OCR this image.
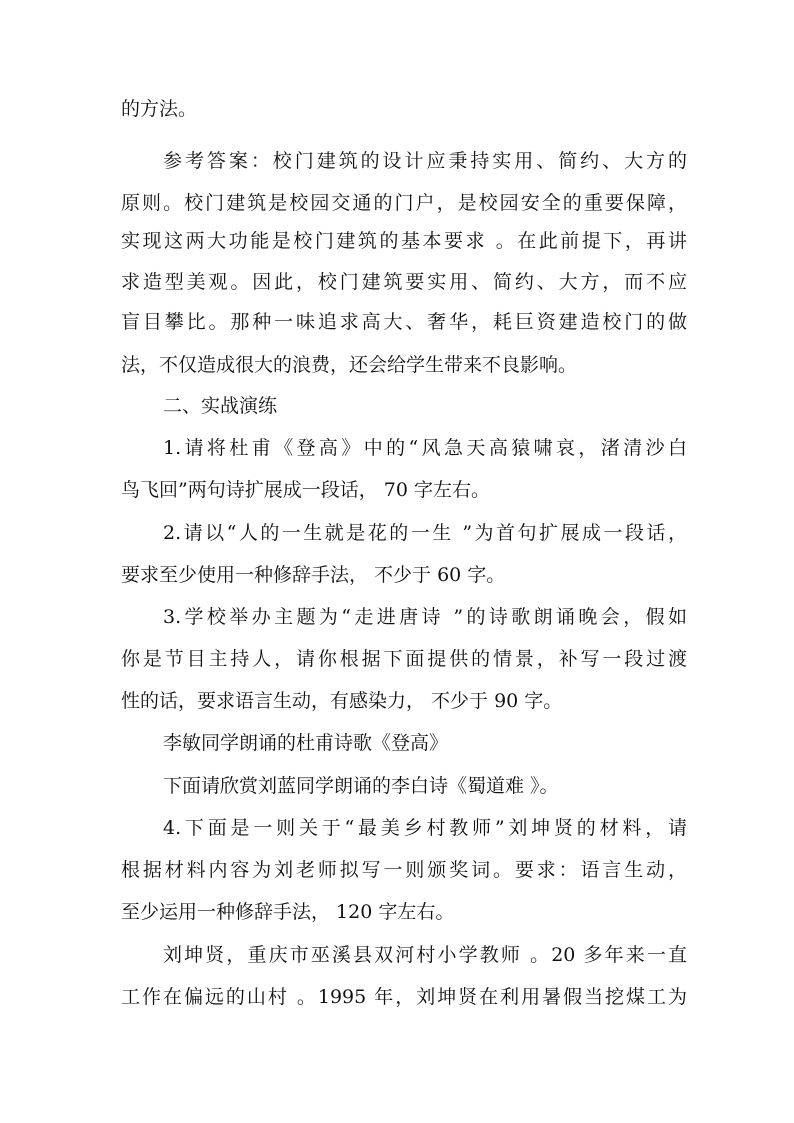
的方法。
参考答案：校门建筑的设计应秉持实用、简约、大方的
原则。校门建筑是校园交通的门户，是校园安全的重要保障，
实现这两大功能是校门建筑的基本要求 。在此前提下，再讲
求造型美观。因此，校门建筑要实用、简约、大方，而不应
盲目攀比。那种一味追求高大、奢华，耗巨资建造校门的做
法，不仅造成很大的浪费，还会给学生带来不良影响。
二、实战演练
1.请将杜甫《登高》中的“风急天高猿啸哀，渚清沙白
鸟飞回”两句诗扩展成一段话， 70 字左右。
2.请以“人的一生就是花的一生 ”为首句扩展成一段话，
要求至少使用一种修辞手法， 不少于 60 字。
3.学校举办主题为“走进唐诗 ”的诗歌朗诵晚会，假如
你是节目主持人，请你根据下面提供的情景，补写一段过渡
性的话，要求语言生动，有感染力， 不少于 90 字。
李敏同学朗诵的杜甫诗歌《登高》
下面请欣赏刘蓝同学朗诵的李白诗《蜀道难 》。
4.下面是一则关于“最美乡村教师”刘坤贤的材料，请
根据材料内容为刘老师拟写一则颁奖词。要求：语言生动，
至少运用一种修辞手法， 120 字左右。
刘坤贤，重庆市巫溪县双河村小学教师 。20 多年来一直
工作在偏远的山村 。1995 年，刘坤贤在利用暑假当挖煤工为
